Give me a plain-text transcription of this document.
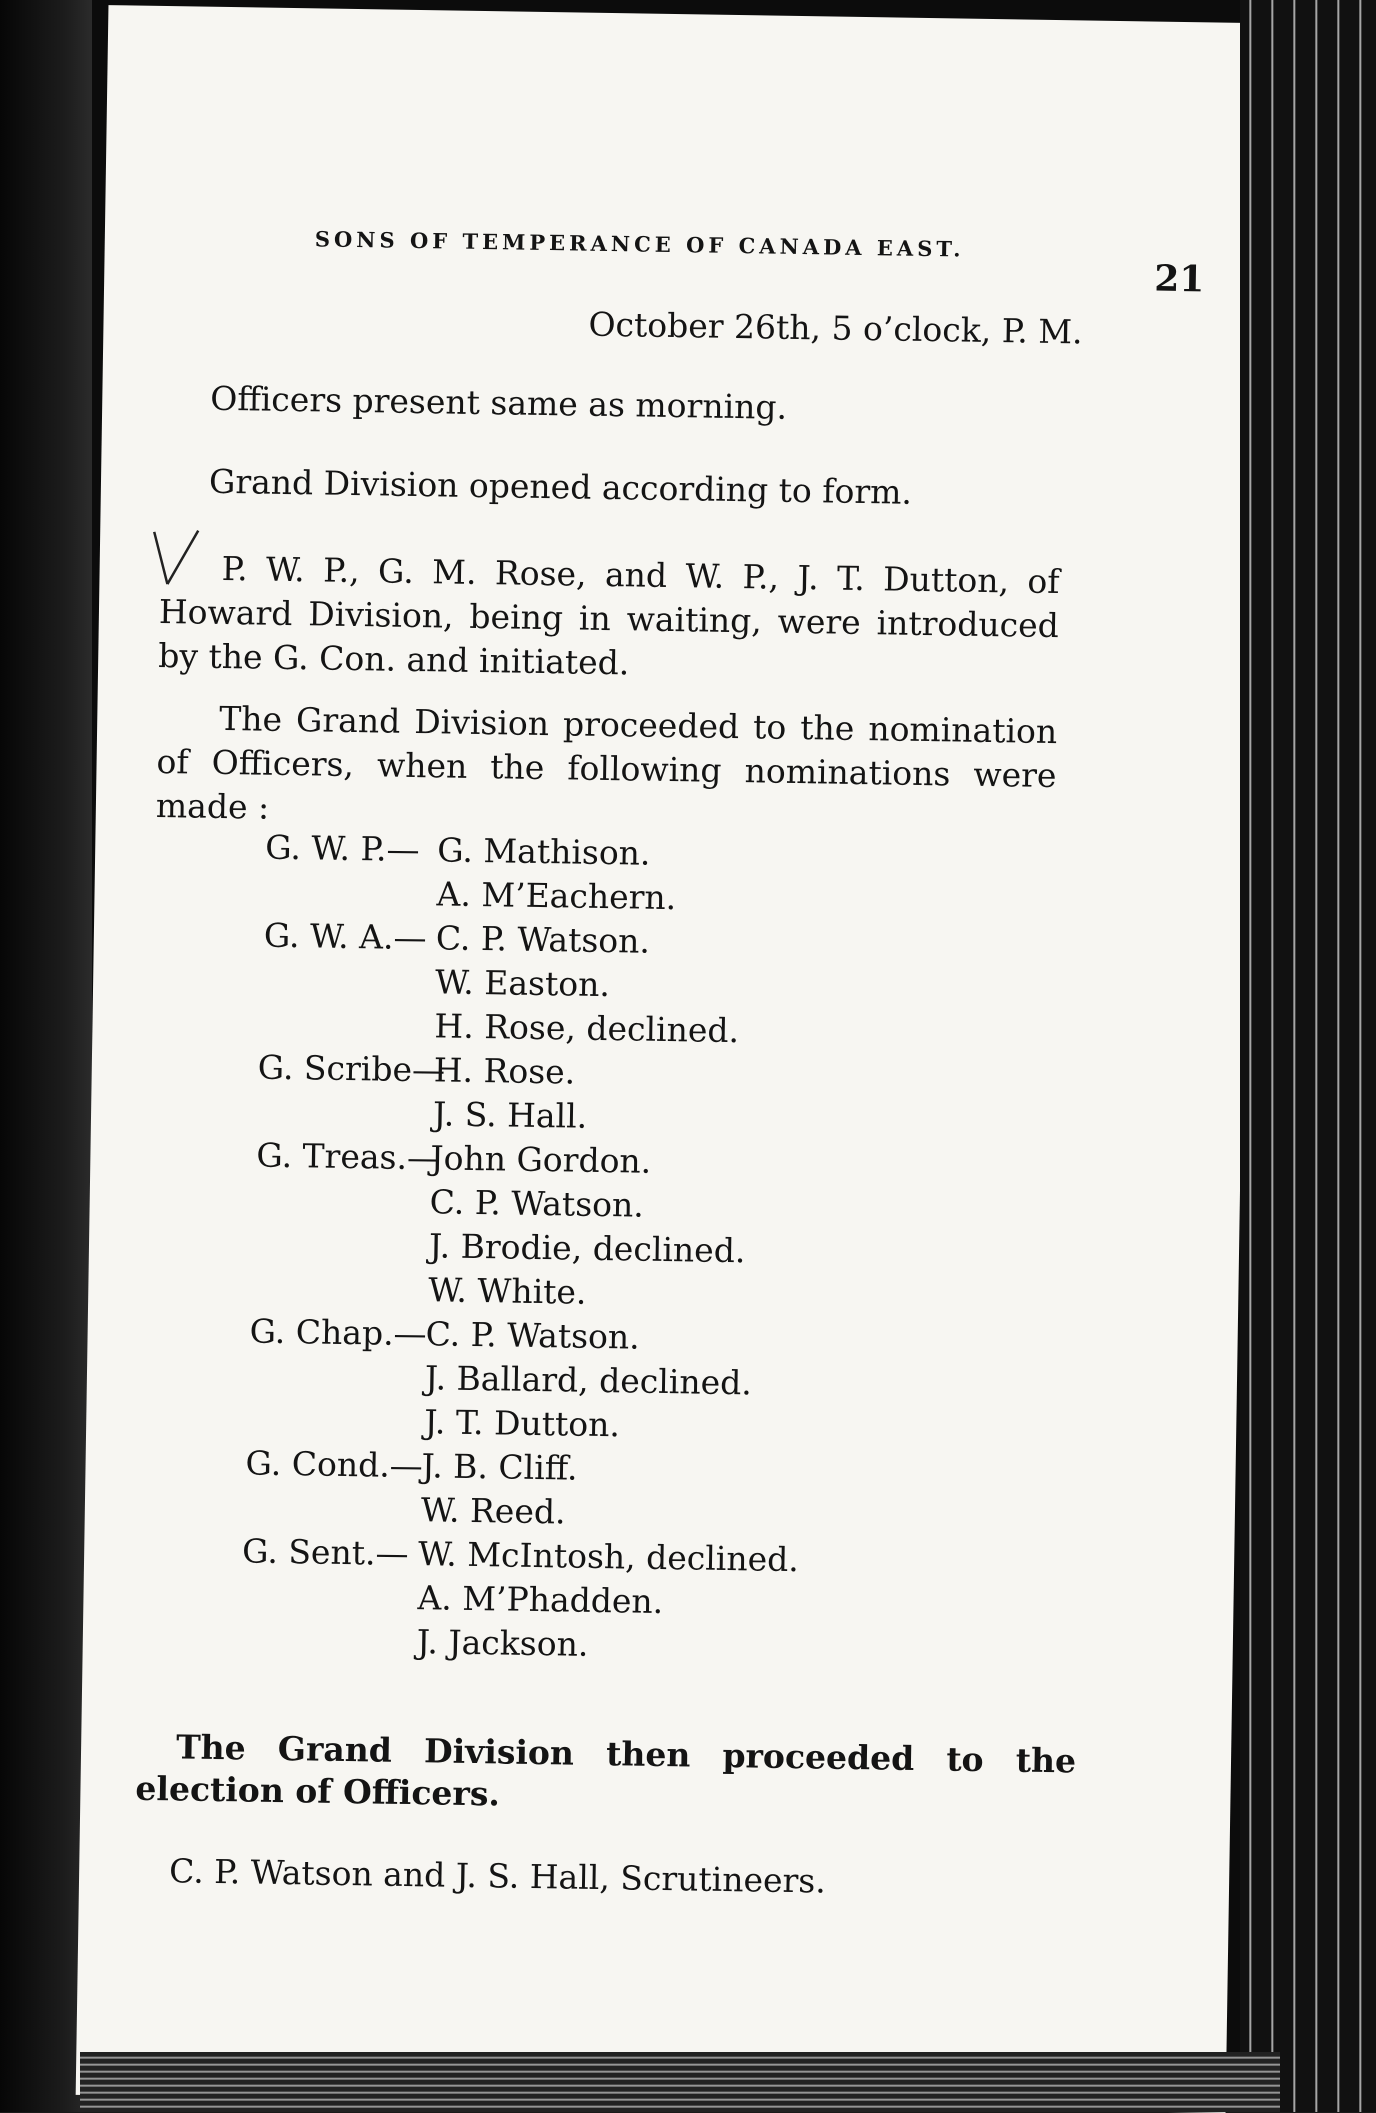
SONS OF TEMPERANCE OF CANADA EAST.
21
October 26th, 5 o’clock, P. M.
Officers present same as morning.
Grand Division opened according to form.
P. W. P., G. M. Rose, and W. P., J. T. Dutton, of Howard Division, being in waiting, were introduced by the G. Con. and initiated.
The Grand Division proceeded to the nomination of Officers, when the following nominations were made :
G. W. P.— G. Mathison.
A. M’Eachern.
G. W. A.— C. P. Watson.
W. Easton.
H. Rose, declined.
G. Scribe—
H. Rose.
J. S. Hall.
G. Treas.—
John Gordon.
C. P. Watson.
J. Brodie, declined.
W. White.
G. Chap.—
C. P. Watson.
J. Ballard, declined.
J. T. Dutton.
G. Cond.—
J. B. Cliff.
W. Reed.
G. Sent.— W. McIntosh, declined.
A. M’Phadden.
J. Jackson.
The Grand Division then proceeded to the election of Officers.
C. P. Watson and J. S. Hall, Scrutineers.
